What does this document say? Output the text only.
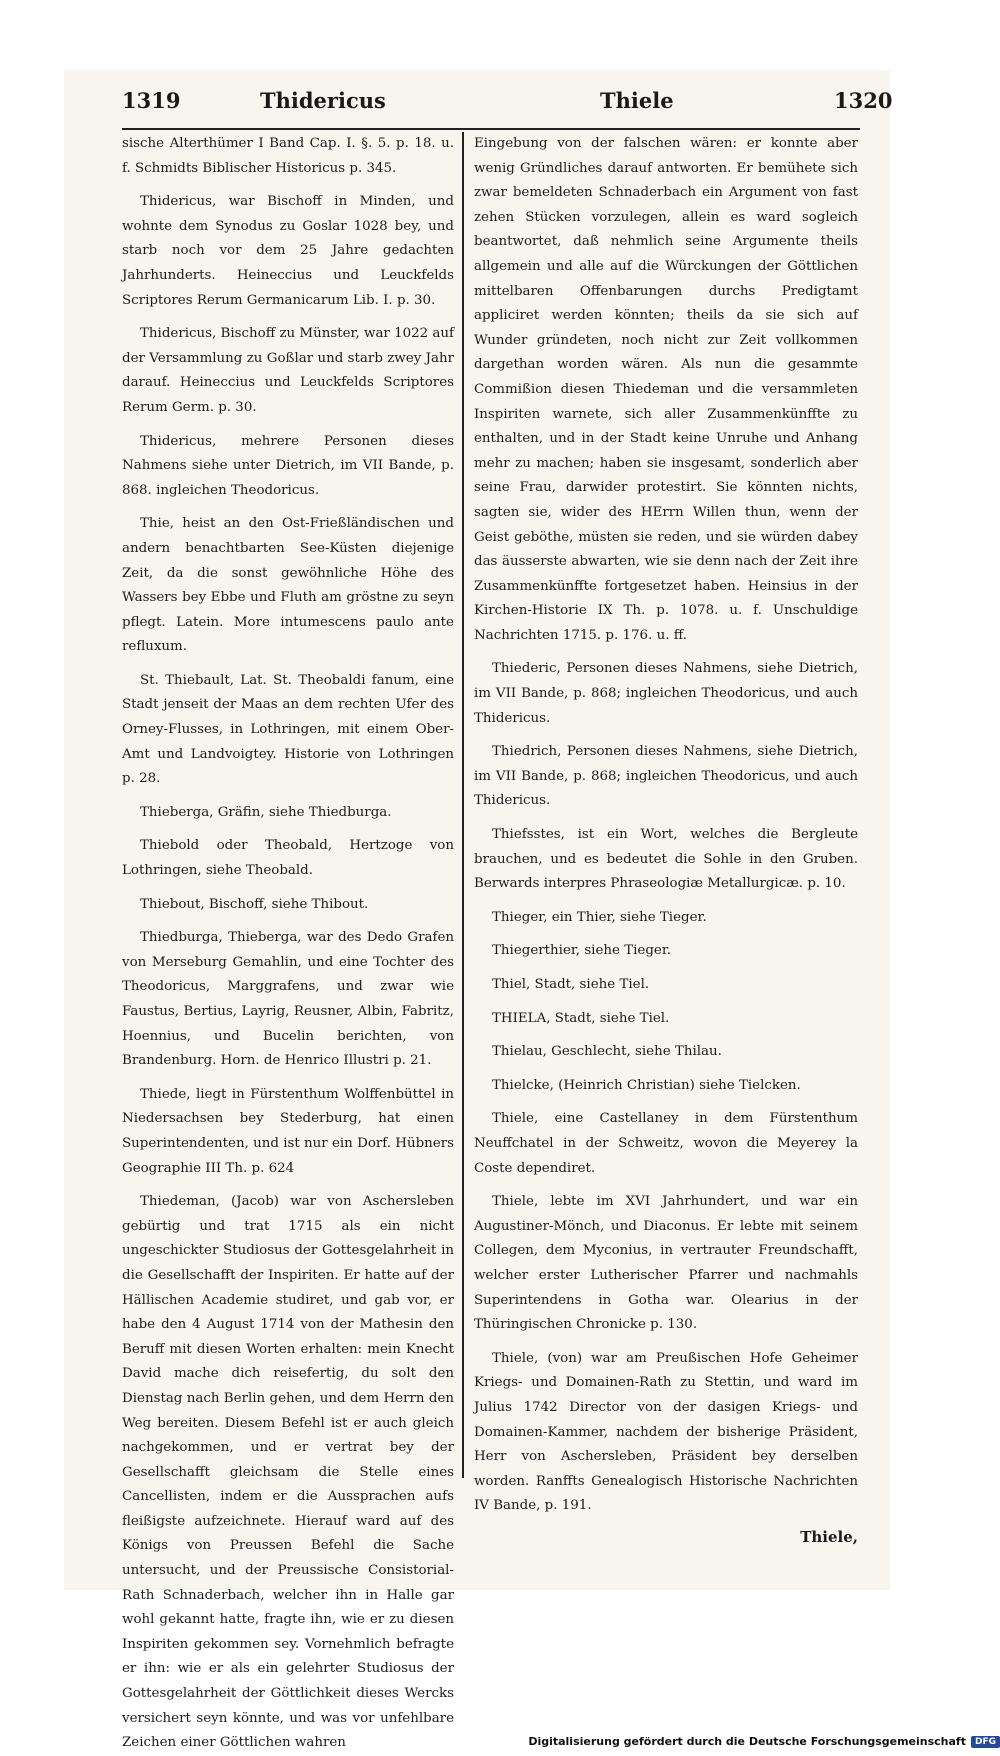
1319	Thidericus	Thiele	1320

sische Alterthümer I Band Cap. I. §. 5. p. 18. u. f. Schmidts Biblischer Historicus p. 345.

Thidericus, war Bischoff in Minden, und wohnte dem Synodus zu Goslar 1028 bey, und starb noch vor dem 25 Jahre gedachten Jahrhunderts. Heineccius und Leuckfelds Scriptores Rerum Germanicarum Lib. I. p. 30.

Thidericus, Bischoff zu Münster, war 1022 auf der Versammlung zu Goßlar und starb zwey Jahr darauf. Heineccius und Leuckfelds Scriptores Rerum Germ. p. 30.

Thidericus, mehrere Personen dieses Nahmens siehe unter Dietrich, im VII Bande, p. 868. ingleichen Theodoricus.

Thie, heist an den Ost-Frießländischen und andern benachtbarten See-Küsten diejenige Zeit, da die sonst gewöhnliche Höhe des Wassers bey Ebbe und Fluth am gröstne zu seyn pflegt. Latein. More intumescens paulo ante refluxum.

St. Thiebault, Lat. St. Theobaldi fanum, eine Stadt jenseit der Maas an dem rechten Ufer des Orney-Flusses, in Lothringen, mit einem Ober-Amt und Landvoigtey. Historie von Lothringen p. 28.

Thieberga, Gräfin, siehe Thiedburga.

Thiebold oder Theobald, Hertzoge von Lothringen, siehe Theobald.

Thiebout, Bischoff, siehe Thibout.

Thiedburga, Thieberga, war des Dedo Grafen von Merseburg Gemahlin, und eine Tochter des Theodoricus, Marggrafens, und zwar wie Faustus, Bertius, Layrig, Reusner, Albin, Fabritz, Hoennius, und Bucelin berichten, von Brandenburg. Horn. de Henrico Illustri p. 21.

Thiede, liegt in Fürstenthum Wolffenbüttel in Niedersachsen bey Stederburg, hat einen Superintendenten, und ist nur ein Dorf. Hübners Geographie III Th. p. 624

Thiedeman, (Jacob) war von Aschersleben gebürtig und trat 1715 als ein nicht ungeschickter Studiosus der Gottesgelahrheit in die Gesellschafft der Inspiriten. Er hatte auf der Hällischen Academie studiret, und gab vor, er habe den 4 August 1714 von der Mathesin den Beruff mit diesen Worten erhalten: mein Knecht David mache dich reisefertig, du solt den Dienstag nach Berlin gehen, und dem Herrn den Weg bereiten. Diesem Befehl ist er auch gleich nachgekommen, und er vertrat bey der Gesellschafft gleichsam die Stelle eines Cancellisten, indem er die Aussprachen aufs fleißigste aufzeichnete. Hierauf ward auf des Königs von Preussen Befehl die Sache untersucht, und der Preussische Consistorial-Rath Schnaderbach, welcher ihn in Halle gar wohl gekannt hatte, fragte ihn, wie er zu diesen Inspiriten gekommen sey. Vornehmlich befragte er ihn: wie er als ein gelehrter Studiosus der Gottesgelahrheit der Göttlichkeit dieses Wercks versichert seyn könnte, und was vor unfehlbare Zeichen einer Göttlichen wahren

Eingebung von der falschen wären: er konnte aber wenig Gründliches darauf antworten. Er bemühete sich zwar bemeldeten Schnaderbach ein Argument von fast zehen Stücken vorzulegen, allein es ward sogleich beantwortet, daß nehmlich seine Argumente theils allgemein und alle auf die Würckungen der Göttlichen mittelbaren Offenbarungen durchs Predigtamt appliciret werden könnten; theils da sie sich auf Wunder gründeten, noch nicht zur Zeit vollkommen dargethan worden wären. Als nun die gesammte Commißion diesen Thiedeman und die versammleten Inspiriten warnete, sich aller Zusammenkünffte zu enthalten, und in der Stadt keine Unruhe und Anhang mehr zu machen; haben sie insgesamt, sonderlich aber seine Frau, darwider protestirt. Sie könnten nichts, sagten sie, wider des HErrn Willen thun, wenn der Geist geböthe, müsten sie reden, und sie würden dabey das äusserste abwarten, wie sie denn nach der Zeit ihre Zusammenkünffte fortgesetzet haben. Heinsius in der Kirchen-Historie IX Th. p. 1078. u. f. Unschuldige Nachrichten 1715. p. 176. u. ff.

Thiederic, Personen dieses Nahmens, siehe Dietrich, im VII Bande, p. 868; ingleichen Theodoricus, und auch Thidericus.

Thiedrich, Personen dieses Nahmens, siehe Dietrich, im VII Bande, p. 868; ingleichen Theodoricus, und auch Thidericus.

Thiefsstes, ist ein Wort, welches die Bergleute brauchen, und es bedeutet die Sohle in den Gruben. Berwards interpres Phraseologiæ Metallurgicæ. p. 10.

Thieger, ein Thier, siehe Tieger.

Thiegerthier, siehe Tieger.

Thiel, Stadt, siehe Tiel.

THIELA, Stadt, siehe Tiel.

Thielau, Geschlecht, siehe Thilau.

Thielcke, (Heinrich Christian) siehe Tielcken.

Thiele, eine Castellaney in dem Fürstenthum Neuffchatel in der Schweitz, wovon die Meyerey la Coste dependiret.

Thiele, lebte im XVI Jahrhundert, und war ein Augustiner-Mönch, und Diaconus. Er lebte mit seinem Collegen, dem Myconius, in vertrauter Freundschafft, welcher erster Lutherischer Pfarrer und nachmahls Superintendens in Gotha war. Olearius in der Thüringischen Chronicke p. 130.

Thiele, (von) war am Preußischen Hofe Geheimer Kriegs- und Domainen-Rath zu Stettin, und ward im Julius 1742 Director von der dasigen Kriegs- und Domainen-Kammer, nachdem der bisherige Präsident, Herr von Aschersleben, Präsident bey derselben worden. Ranffts Genealogisch Historische Nachrichten IV Bande, p. 191.

Thiele,
Digitalisierung gefördert durch die Deutsche Forschungsgemeinschaft	DFG
